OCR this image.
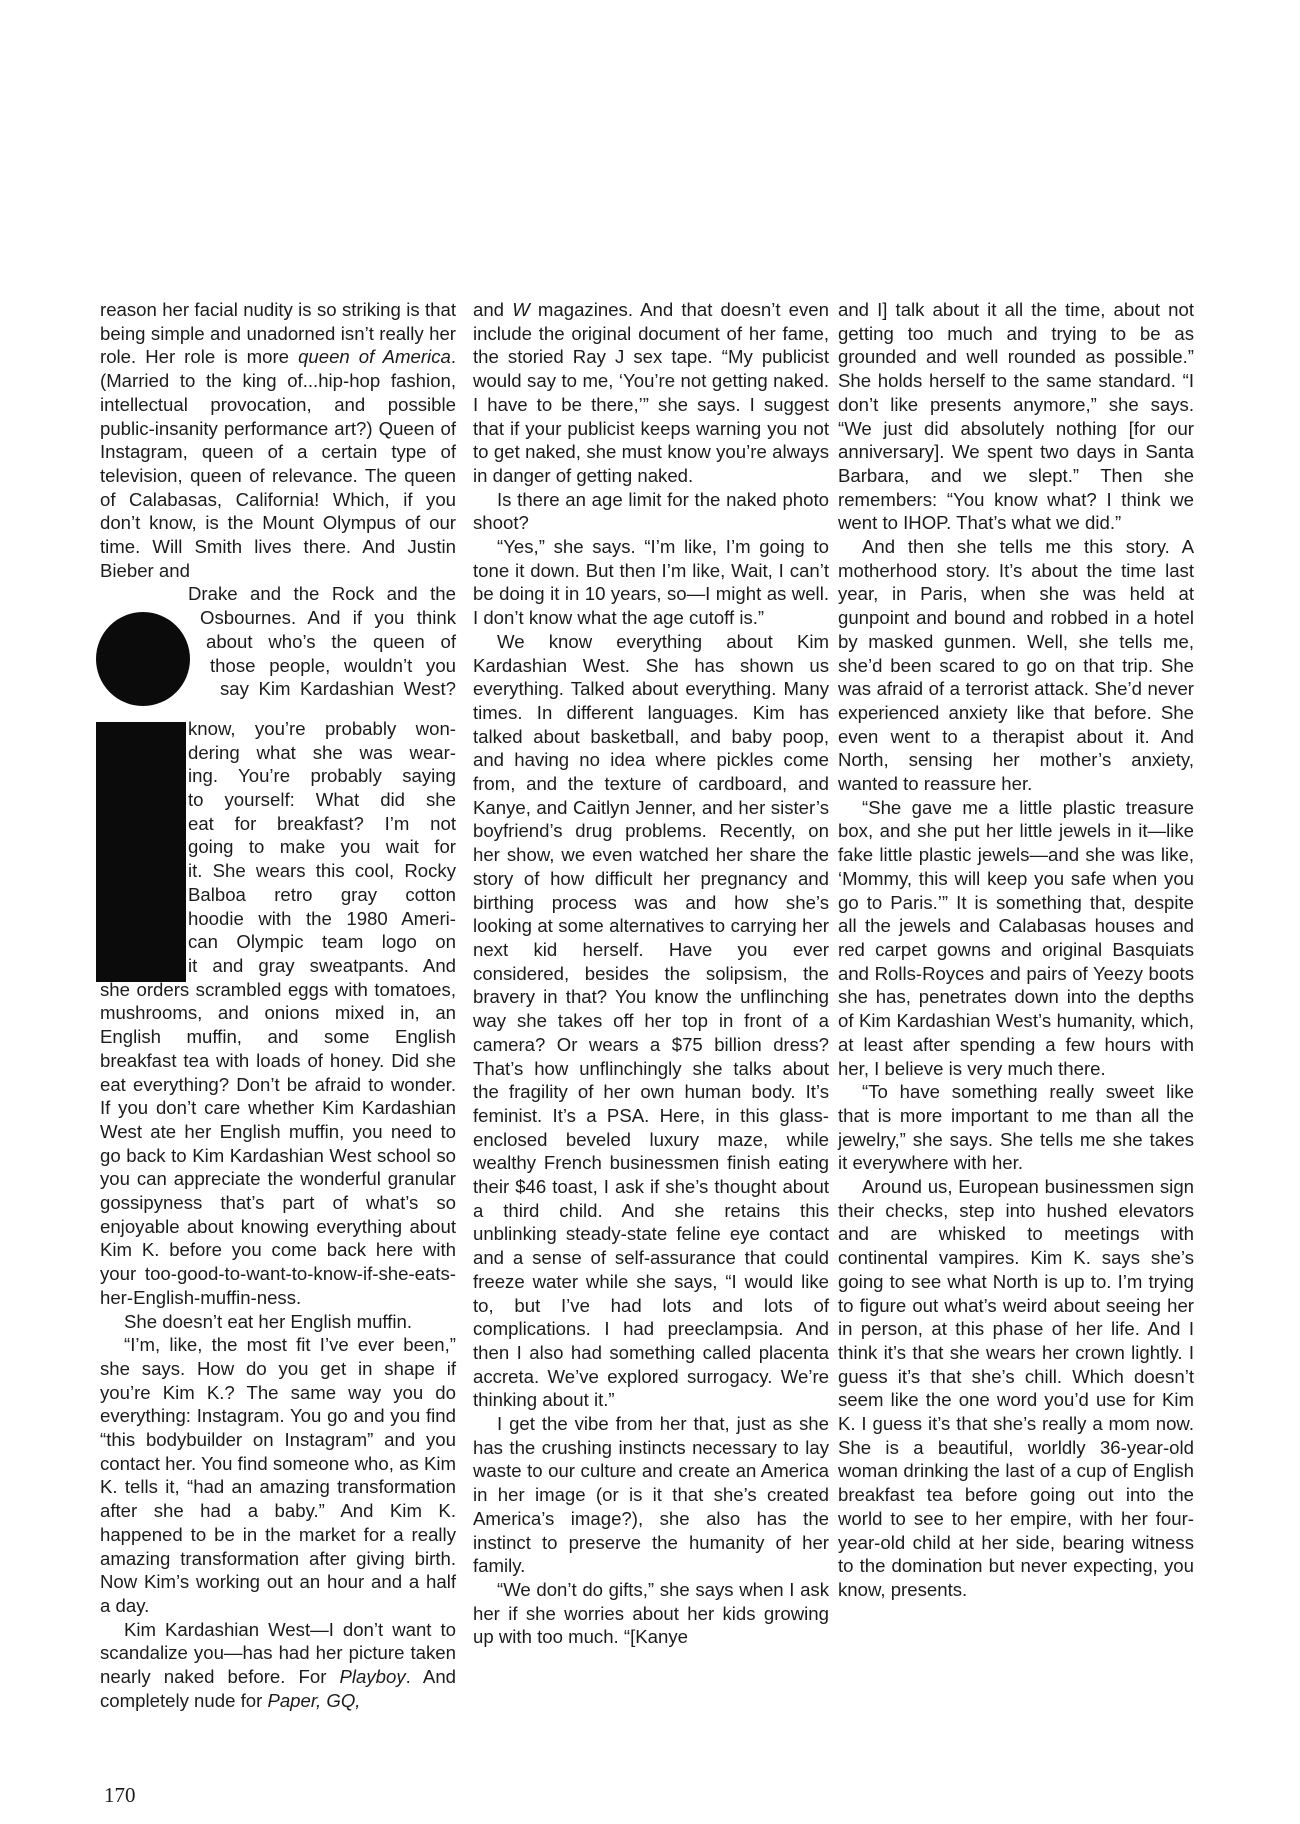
reason her facial nudity is so striking is that being simple and unadorned isn’t really her role. Her role is more queen of America. (Married to the king of...hip-hop fashion, intellectual provocation, and possible public-insanity performance art?) Queen of Instagram, queen of a certain type of television, queen of relevance. The queen of Calabasas, California! Which, if you don’t know, is the Mount Olympus of our time. Will Smith lives there. And Justin Bieber and

Drake and the Rock and the
Osbournes. And if you think
about who’s the queen of
those people, wouldn’t you
say Kim Kardashian West?
know, you’re probably won-
dering what she was wear-
ing. You’re probably saying
to yourself: What did she
eat for breakfast? I’m not
going to make you wait for
it. She wears this cool, Rocky
Balboa retro gray cotton
hoodie with the 1980 Ameri-
can Olympic team logo on
it and gray sweatpants. And

she orders scrambled eggs with tomatoes, mushrooms, and onions mixed in, an English muffin, and some English breakfast tea with loads of honey. Did she eat everything? Don’t be afraid to wonder. If you don’t care whether Kim Kardashian West ate her English muffin, you need to go back to Kim Kardashian West school so you can appreciate the wonderful granular gossipyness that’s part of what’s so enjoyable about knowing everything about Kim K. before you come back here with your too-good-to-want-to-know-if-she-eats-her-English-muffin-ness.

She doesn’t eat her English muffin.

“I’m, like, the most fit I’ve ever been,” she says. How do you get in shape if you’re Kim K.? The same way you do everything: Instagram. You go and you find “this bodybuilder on Instagram” and you contact her. You find someone who, as Kim K. tells it, “had an amazing transformation after she had a baby.” And Kim K. happened to be in the market for a really amazing transformation after giving birth. Now Kim’s working out an hour and a half a day.

Kim Kardashian West—I don’t want to scandalize you—has had her picture taken nearly naked before. For Playboy. And completely nude for Paper, GQ,

and W magazines. And that doesn’t even include the original document of her fame, the storied Ray J sex tape. “My publicist would say to me, ‘You’re not getting naked. I have to be there,’” she says. I suggest that if your publicist keeps warning you not to get naked, she must know you’re always in danger of getting naked.

Is there an age limit for the naked photo shoot?

“Yes,” she says. “I’m like, I’m going to tone it down. But then I’m like, Wait, I can’t be doing it in 10 years, so—I might as well. I don’t know what the age cutoff is.”

We know everything about Kim Kardashian West. She has shown us everything. Talked about everything. Many times. In different languages. Kim has talked about basketball, and baby poop, and having no idea where pickles come from, and the texture of cardboard, and Kanye, and Caitlyn Jenner, and her sister’s boyfriend’s drug problems. Recently, on her show, we even watched her share the story of how difficult her pregnancy and birthing process was and how she’s looking at some alternatives to carrying her next kid herself. Have you ever considered, besides the solipsism, the bravery in that? You know the unflinching way she takes off her top in front of a camera? Or wears a $75 billion dress? That’s how unflinchingly she talks about the fragility of her own human body. It’s feminist. It’s a PSA. Here, in this glass-enclosed beveled luxury maze, while wealthy French businessmen finish eating their $46 toast, I ask if she’s thought about a third child. And she retains this unblinking steady-state feline eye contact and a sense of self-assurance that could freeze water while she says, “I would like to, but I’ve had lots and lots of complications. I had preeclampsia. And then I also had something called placenta accreta. We’ve explored surrogacy. We’re thinking about it.”

I get the vibe from her that, just as she has the crushing instincts necessary to lay waste to our culture and create an America in her image (or is it that she’s created America’s image?), she also has the instinct to preserve the humanity of her family.

“We don’t do gifts,” she says when I ask her if she worries about her kids growing up with too much. “[Kanye

and I] talk about it all the time, about not getting too much and trying to be as grounded and well rounded as possible.” She holds herself to the same standard. “I don’t like presents anymore,” she says. “We just did absolutely nothing [for our anniversary]. We spent two days in Santa Barbara, and we slept.” Then she remembers: “You know what? I think we went to IHOP. That’s what we did.”

And then she tells me this story. A motherhood story. It’s about the time last year, in Paris, when she was held at gunpoint and bound and robbed in a hotel by masked gunmen. Well, she tells me, she’d been scared to go on that trip. She was afraid of a terrorist attack. She’d never experienced anxiety like that before. She even went to a therapist about it. And North, sensing her mother’s anxiety, wanted to reassure her.

“She gave me a little plastic treasure box, and she put her little jewels in it—like fake little plastic jewels—and she was like, ‘Mommy, this will keep you safe when you go to Paris.’” It is something that, despite all the jewels and Calabasas houses and red carpet gowns and original Basquiats and Rolls-Royces and pairs of Yeezy boots she has, penetrates down into the depths of Kim Kardashian West’s humanity, which, at least after spending a few hours with her, I believe is very much there.

“To have something really sweet like that is more important to me than all the jewelry,” she says. She tells me she takes it everywhere with her.

Around us, European businessmen sign their checks, step into hushed elevators and are whisked to meetings with continental vampires. Kim K. says she’s going to see what North is up to. I’m trying to figure out what’s weird about seeing her in person, at this phase of her life. And I think it’s that she wears her crown lightly. I guess it’s that she’s chill. Which doesn’t seem like the one word you’d use for Kim K. I guess it’s that she’s really a mom now. She is a beautiful, worldly 36-year-old woman drinking the last of a cup of English breakfast tea before going out into the world to see to her empire, with her four-year-old child at her side, bearing witness to the domination but never expecting, you know, presents.

170
